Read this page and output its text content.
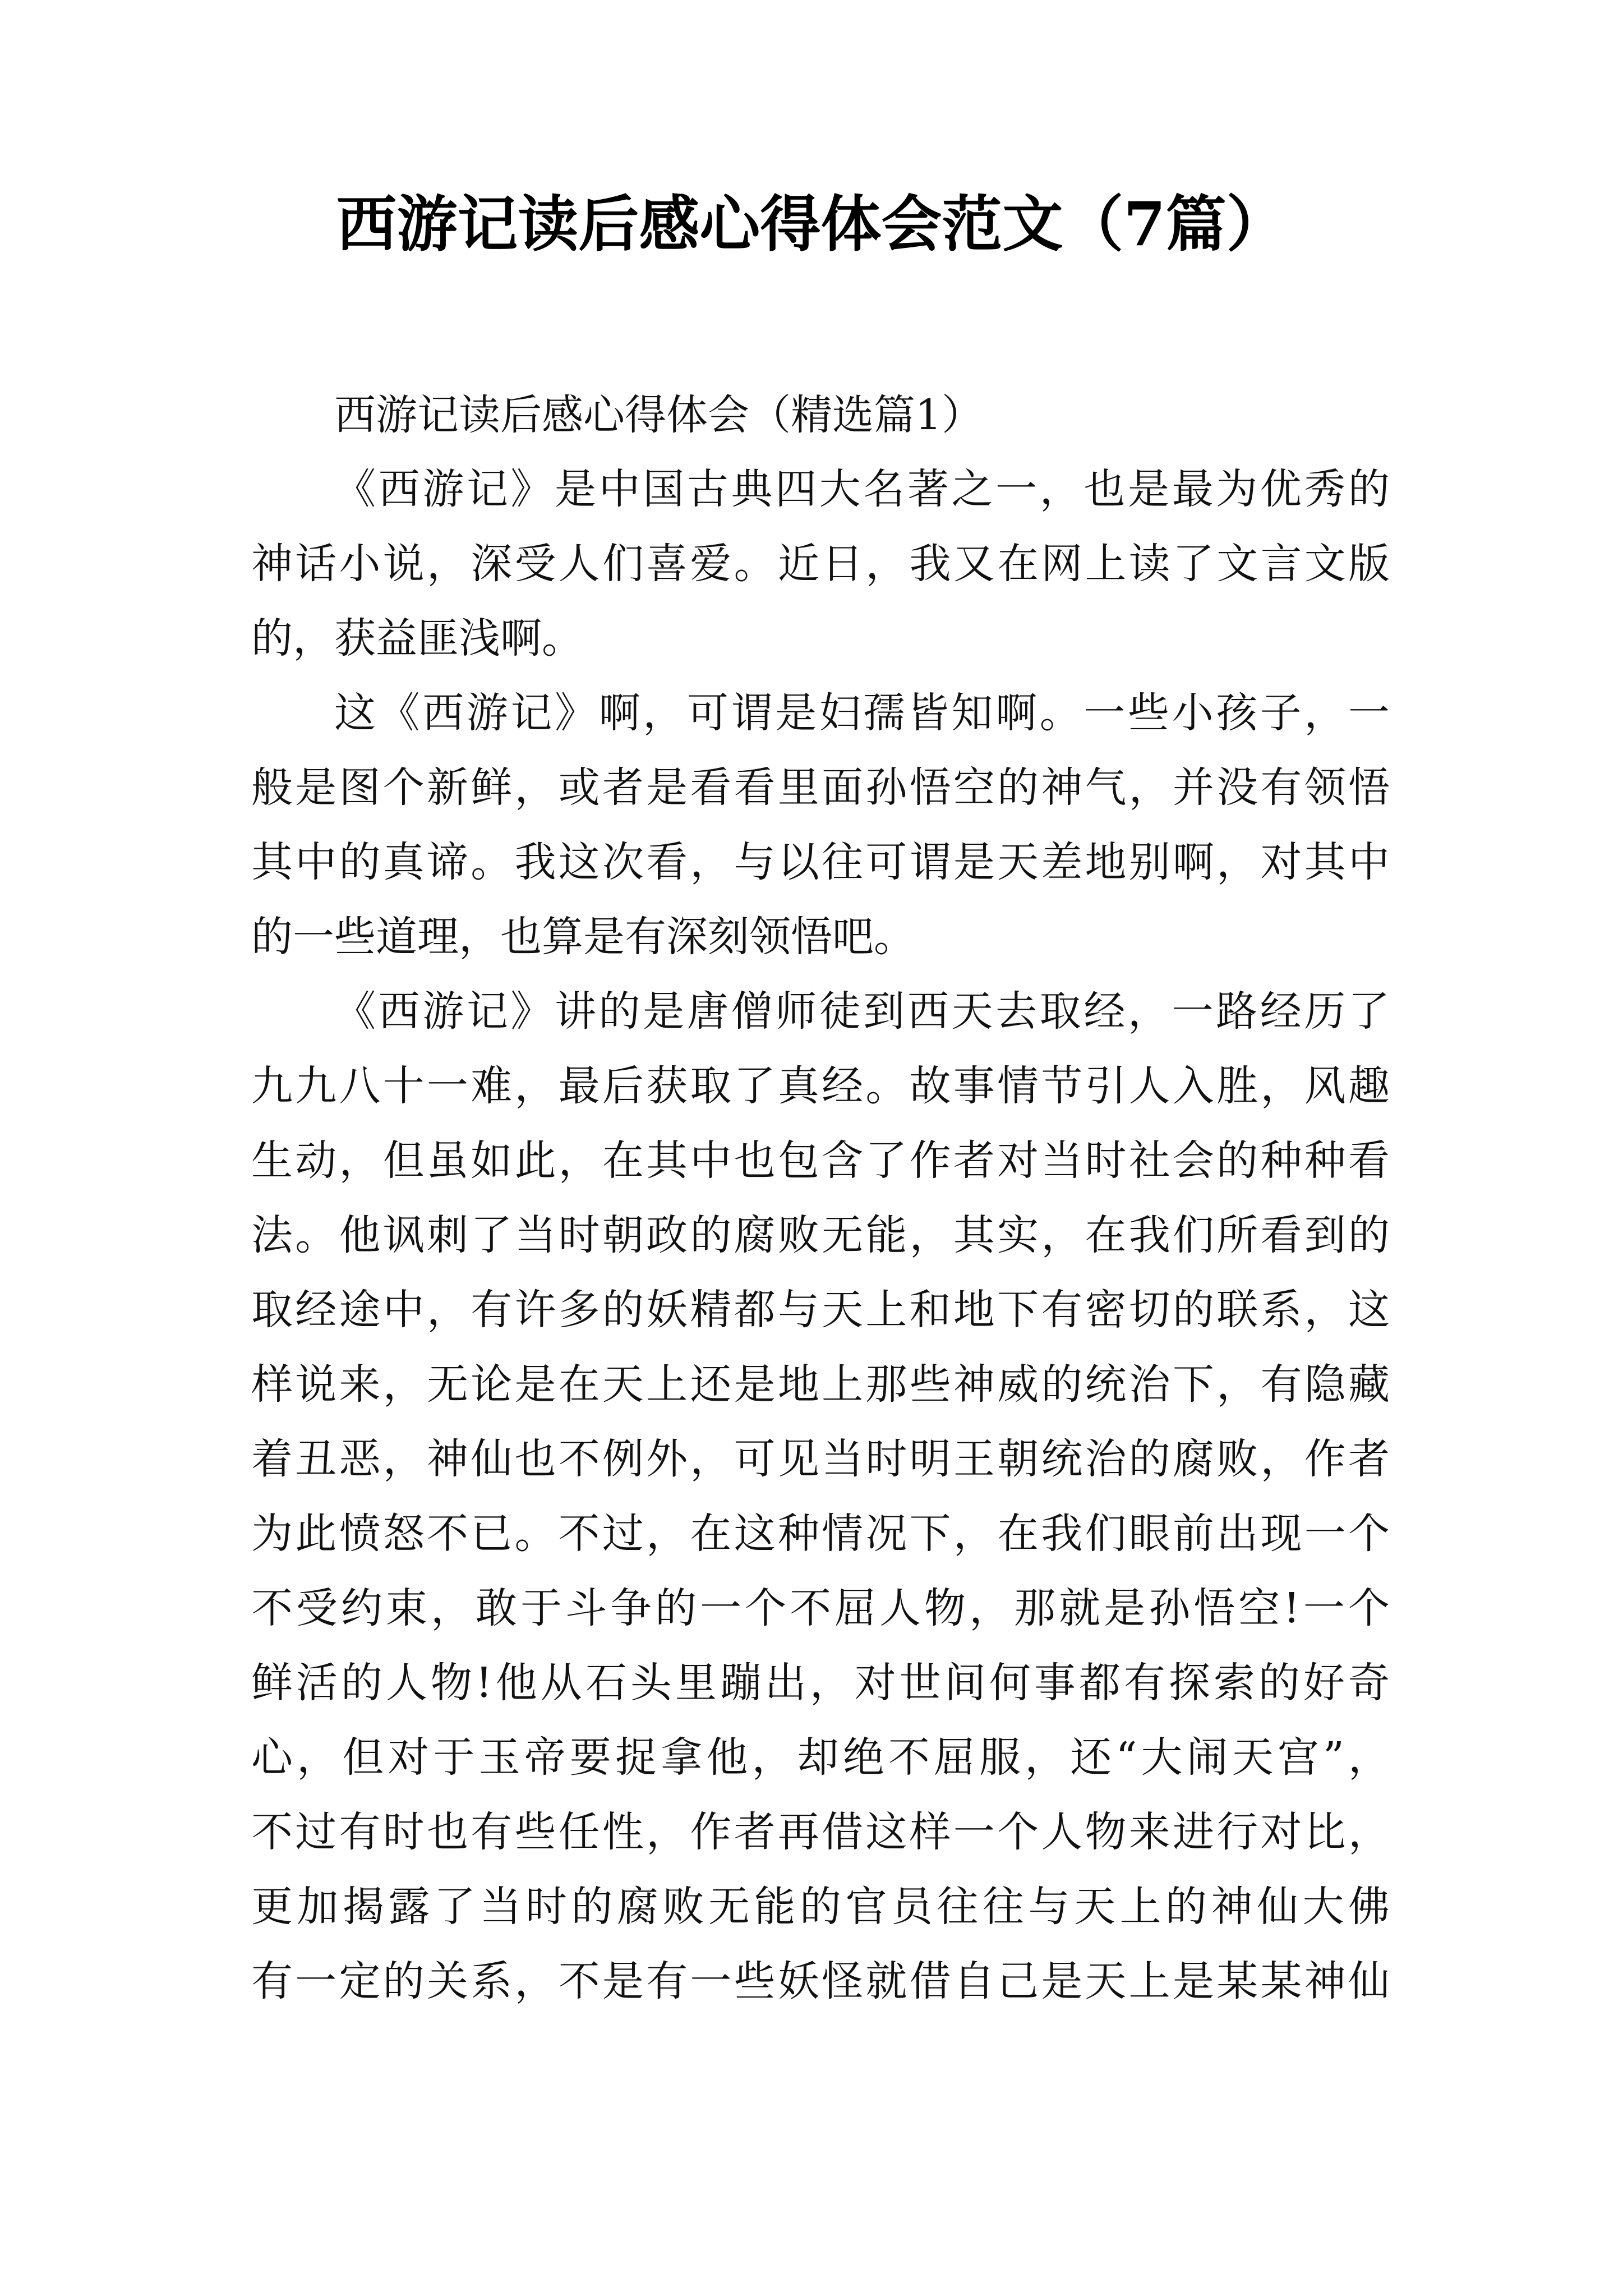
西游记读后感心得体会范文（7篇）
西游记读后感心得体会（精选篇1）
《西游记》是中国古典四大名著之一，也是最为优秀的
神话小说，深受人们喜爱。近日，我又在网上读了文言文版
的，获益匪浅啊。
这《西游记》啊，可谓是妇孺皆知啊。一些小孩子，一
般是图个新鲜，或者是看看里面孙悟空的神气，并没有领悟
其中的真谛。我这次看，与以往可谓是天差地别啊，对其中
的一些道理，也算是有深刻领悟吧。
《西游记》讲的是唐僧师徒到西天去取经，一路经历了
九九八十一难，最后获取了真经。故事情节引人入胜，风趣
生动，但虽如此，在其中也包含了作者对当时社会的种种看
法。他讽刺了当时朝政的腐败无能，其实，在我们所看到的
取经途中，有许多的妖精都与天上和地下有密切的联系，这
样说来，无论是在天上还是地上那些神威的统治下，有隐藏
着丑恶，神仙也不例外，可见当时明王朝统治的腐败，作者
为此愤怒不已。不过，在这种情况下，在我们眼前出现一个
不受约束，敢于斗争的一个不屈人物，那就是孙悟空!一个
鲜活的人物!他从石头里蹦出，对世间何事都有探索的好奇
心，但对于玉帝要捉拿他，却绝不屈服，还“大闹天宫”，
不过有时也有些任性，作者再借这样一个人物来进行对比，
更加揭露了当时的腐败无能的官员往往与天上的神仙大佛
有一定的关系，不是有一些妖怪就借自己是天上是某某神仙
